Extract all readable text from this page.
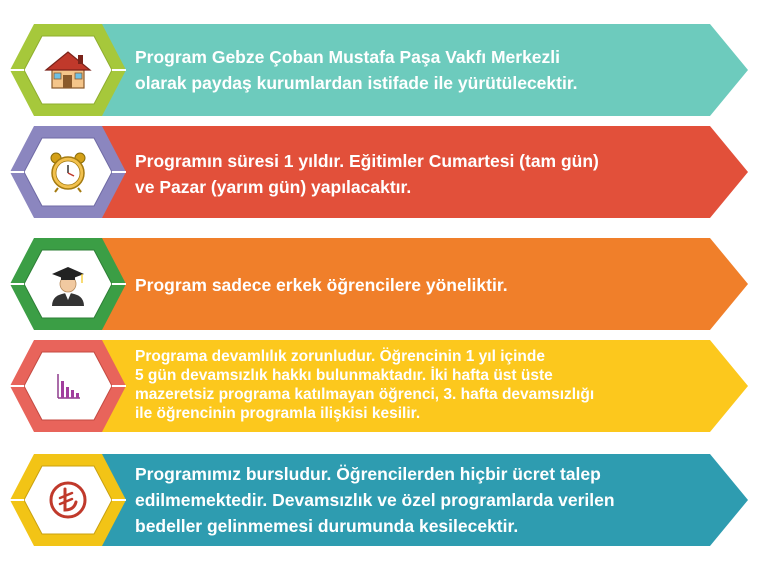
Program Gebze Çoban Mustafa Paşa Vakfı Merkezli
olarak paydaş kurumlardan istifade ile yürütülecektir.
Programın süresi 1 yıldır. Eğitimler Cumartesi (tam gün)
ve Pazar (yarım gün) yapılacaktır.
Program sadece erkek öğrencilere yöneliktir.
Programa devamlılık zorunludur. Öğrencinin 1 yıl içinde
5 gün devamsızlık hakkı bulunmaktadır. İki hafta üst üste
mazeretsiz programa katılmayan öğrenci, 3. hafta devamsızlığı
ile öğrencinin programla ilişkisi kesilir.
Programımız bursludur. Öğrencilerden hiçbir ücret talep
edilmemektedir. Devamsızlık ve özel programlarda verilen
bedeller gelinmemesi durumunda kesilecektir.
